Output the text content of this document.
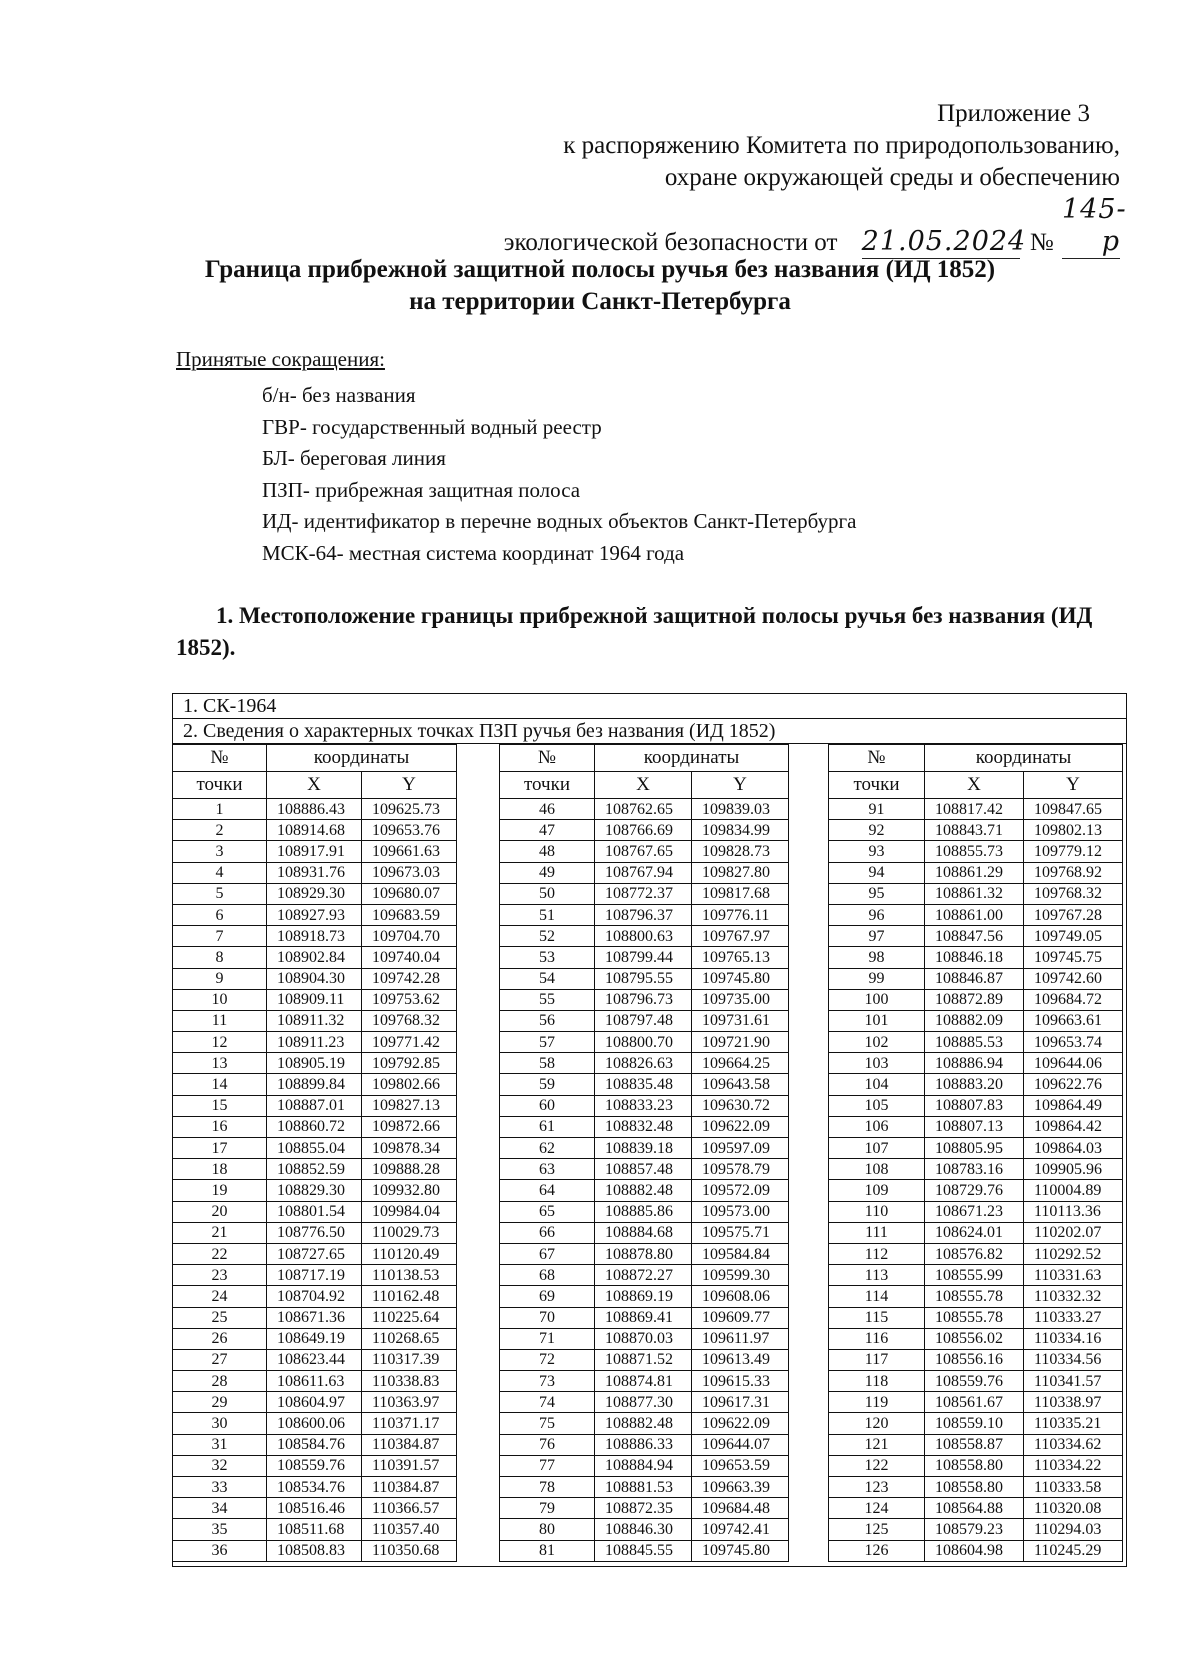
Приложение 3
к распоряжению Комитета по природопользованию,
охране окружающей среды и обеспечению
экологической безопасности от 21.05.2024 № 145-р
Граница прибрежной защитной полосы ручья без названия (ИД 1852)
на территории Санкт-Петербурга
Принятые сокращения:
б/н- без названия
ГВР- государственный водный реестр
БЛ- береговая линия
ПЗП- прибрежная защитная полоса
ИД- идентификатор в перечне водных объектов Санкт-Петербурга
МСК-64- местная система координат 1964 года
1. Местоположение границы прибрежной защитной полосы ручья без названия (ИД 1852).
1. СК-1964
2. Сведения о характерных точках ПЗП ручья без названия (ИД 1852)
№	координаты	
точки	X	Y
1	108886.43	109625.73
2	108914.68	109653.76
3	108917.91	109661.63
4	108931.76	109673.03
5	108929.30	109680.07
6	108927.93	109683.59
7	108918.73	109704.70
8	108902.84	109740.04
9	108904.30	109742.28
10	108909.11	109753.62
11	108911.32	109768.32
12	108911.23	109771.42
13	108905.19	109792.85
14	108899.84	109802.66
15	108887.01	109827.13
16	108860.72	109872.66
17	108855.04	109878.34
18	108852.59	109888.28
19	108829.30	109932.80
20	108801.54	109984.04
21	108776.50	110029.73
22	108727.65	110120.49
23	108717.19	110138.53
24	108704.92	110162.48
25	108671.36	110225.64
26	108649.19	110268.65
27	108623.44	110317.39
28	108611.63	110338.83
29	108604.97	110363.97
30	108600.06	110371.17
31	108584.76	110384.87
32	108559.76	110391.57
33	108534.76	110384.87
34	108516.46	110366.57
35	108511.68	110357.40
36	108508.83	110350.68
№	координаты	
точки	X	Y
46	108762.65	109839.03
47	108766.69	109834.99
48	108767.65	109828.73
49	108767.94	109827.80
50	108772.37	109817.68
51	108796.37	109776.11
52	108800.63	109767.97
53	108799.44	109765.13
54	108795.55	109745.80
55	108796.73	109735.00
56	108797.48	109731.61
57	108800.70	109721.90
58	108826.63	109664.25
59	108835.48	109643.58
60	108833.23	109630.72
61	108832.48	109622.09
62	108839.18	109597.09
63	108857.48	109578.79
64	108882.48	109572.09
65	108885.86	109573.00
66	108884.68	109575.71
67	108878.80	109584.84
68	108872.27	109599.30
69	108869.19	109608.06
70	108869.41	109609.77
71	108870.03	109611.97
72	108871.52	109613.49
73	108874.81	109615.33
74	108877.30	109617.31
75	108882.48	109622.09
76	108886.33	109644.07
77	108884.94	109653.59
78	108881.53	109663.39
79	108872.35	109684.48
80	108846.30	109742.41
81	108845.55	109745.80
№	координаты	
точки	X	Y
91	108817.42	109847.65
92	108843.71	109802.13
93	108855.73	109779.12
94	108861.29	109768.92
95	108861.32	109768.32
96	108861.00	109767.28
97	108847.56	109749.05
98	108846.18	109745.75
99	108846.87	109742.60
100	108872.89	109684.72
101	108882.09	109663.61
102	108885.53	109653.74
103	108886.94	109644.06
104	108883.20	109622.76
105	108807.83	109864.49
106	108807.13	109864.42
107	108805.95	109864.03
108	108783.16	109905.96
109	108729.76	110004.89
110	108671.23	110113.36
111	108624.01	110202.07
112	108576.82	110292.52
113	108555.99	110331.63
114	108555.78	110332.32
115	108555.78	110333.27
116	108556.02	110334.16
117	108556.16	110334.56
118	108559.76	110341.57
119	108561.67	110338.97
120	108559.10	110335.21
121	108558.87	110334.62
122	108558.80	110334.22
123	108558.80	110333.58
124	108564.88	110320.08
125	108579.23	110294.03
126	108604.98	110245.29
